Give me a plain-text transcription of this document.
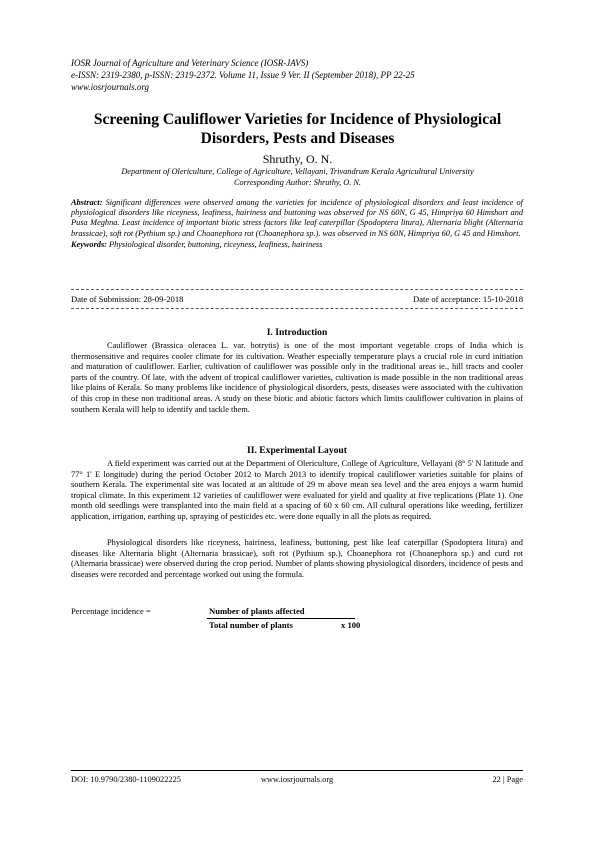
IOSR Journal of Agriculture and Veterinary Science (IOSR-JAVS)
e-ISSN: 2319-2380, p-ISSN: 2319-2372. Volume 11, Issue 9 Ver. II (September 2018), PP 22-25
www.iosrjournals.org
Screening Cauliflower Varieties for Incidence of Physiological
Disorders, Pests and Diseases
Shruthy, O. N.
Department of Olericulture, College of Agriculture, Vellayani, Trivandrum Kerala Agricultural University
Corresponding Author: Shruthy, O. N.
Abstract: Significant differences were observed among the varieties for incidence of physiological disorders and least incidence of physiological disorders like riceyness, leafiness, hairiness and buttoning was observed for NS 60N, G 45, Himpriya 60 Himshort and Pusa Meghna. Least incidence of important biotic stress factors like leaf caterpillar (Spodoptera litura), Alternaria blight (Alternaria brassicae), soft rot (Pythium sp.) and Choanephora rot (Choanephora sp.). was observed in NS 60N, Himpriya 60, G 45 and Himshort.
Keywords: Physiological disorder, buttoning, riceyness, leafiness, hairiness
Date of Submission: 28-09-2018	Date of acceptance: 15-10-2018
I. Introduction
Cauliflower (Brassica oleracea L. var. botrytis) is one of the most important vegetable crops of India which is thermosensitive and requires cooler climate for its cultivation. Weather especially temperature plays a crucial role in curd initiation and maturation of cauliflower. Earlier, cultivation of cauliflower was possible only in the traditional areas ie., hill tracts and cooler parts of the country. Of late, with the advent of tropical cauliflower varieties, cultivation is made possible in the non traditional areas like plains of Kerala. So many problems like incidence of physiological disorders, pests, diseases were associated with the cultivation of this crop in these non traditional areas. A study on these biotic and abiotic factors which limits cauliflower cultivation in plains of southern Kerala will help to identify and tackle them.
II. Experimental Layout
A field experiment was carried out at the Department of Olericulture, College of Agriculture, Vellayani (8° 5' N latitude and 77° 1' E longitude) during the period October 2012 to March 2013 to identify tropical cauliflower varieties suitable for plains of southern Kerala. The experimental site was located at an altitude of 29 m above mean sea level and the area enjoys a warm humid tropical climate. In this experiment 12 varieties of cauliflower were evaluated for yield and quality at five replications (Plate 1). One month old seedlings were transplanted into the main field at a spacing of 60 x 60 cm. All cultural operations like weeding, fertilizer application, irrigation, earthing up, spraying of pesticides etc. were done equally in all the plots as required.
Physiological disorders like riceyness, hairiness, leafiness, buttoning, pest like leaf caterpillar (Spodoptera litura) and diseases like Alternaria blight (Alternaria brassicae), soft rot (Pythium sp.), Choanephora rot (Choanephora sp.) and curd rot (Alternaria brassicae) were observed during the crop period. Number of plants showing physiological disorders, incidence of pests and diseases were recorded and percentage worked out using the formula.
Percentage incidence =	Number of plants affected
Total number of plants	x 100
DOI: 10.9790/2380-1109022225	www.iosrjournals.org	22 | Page
